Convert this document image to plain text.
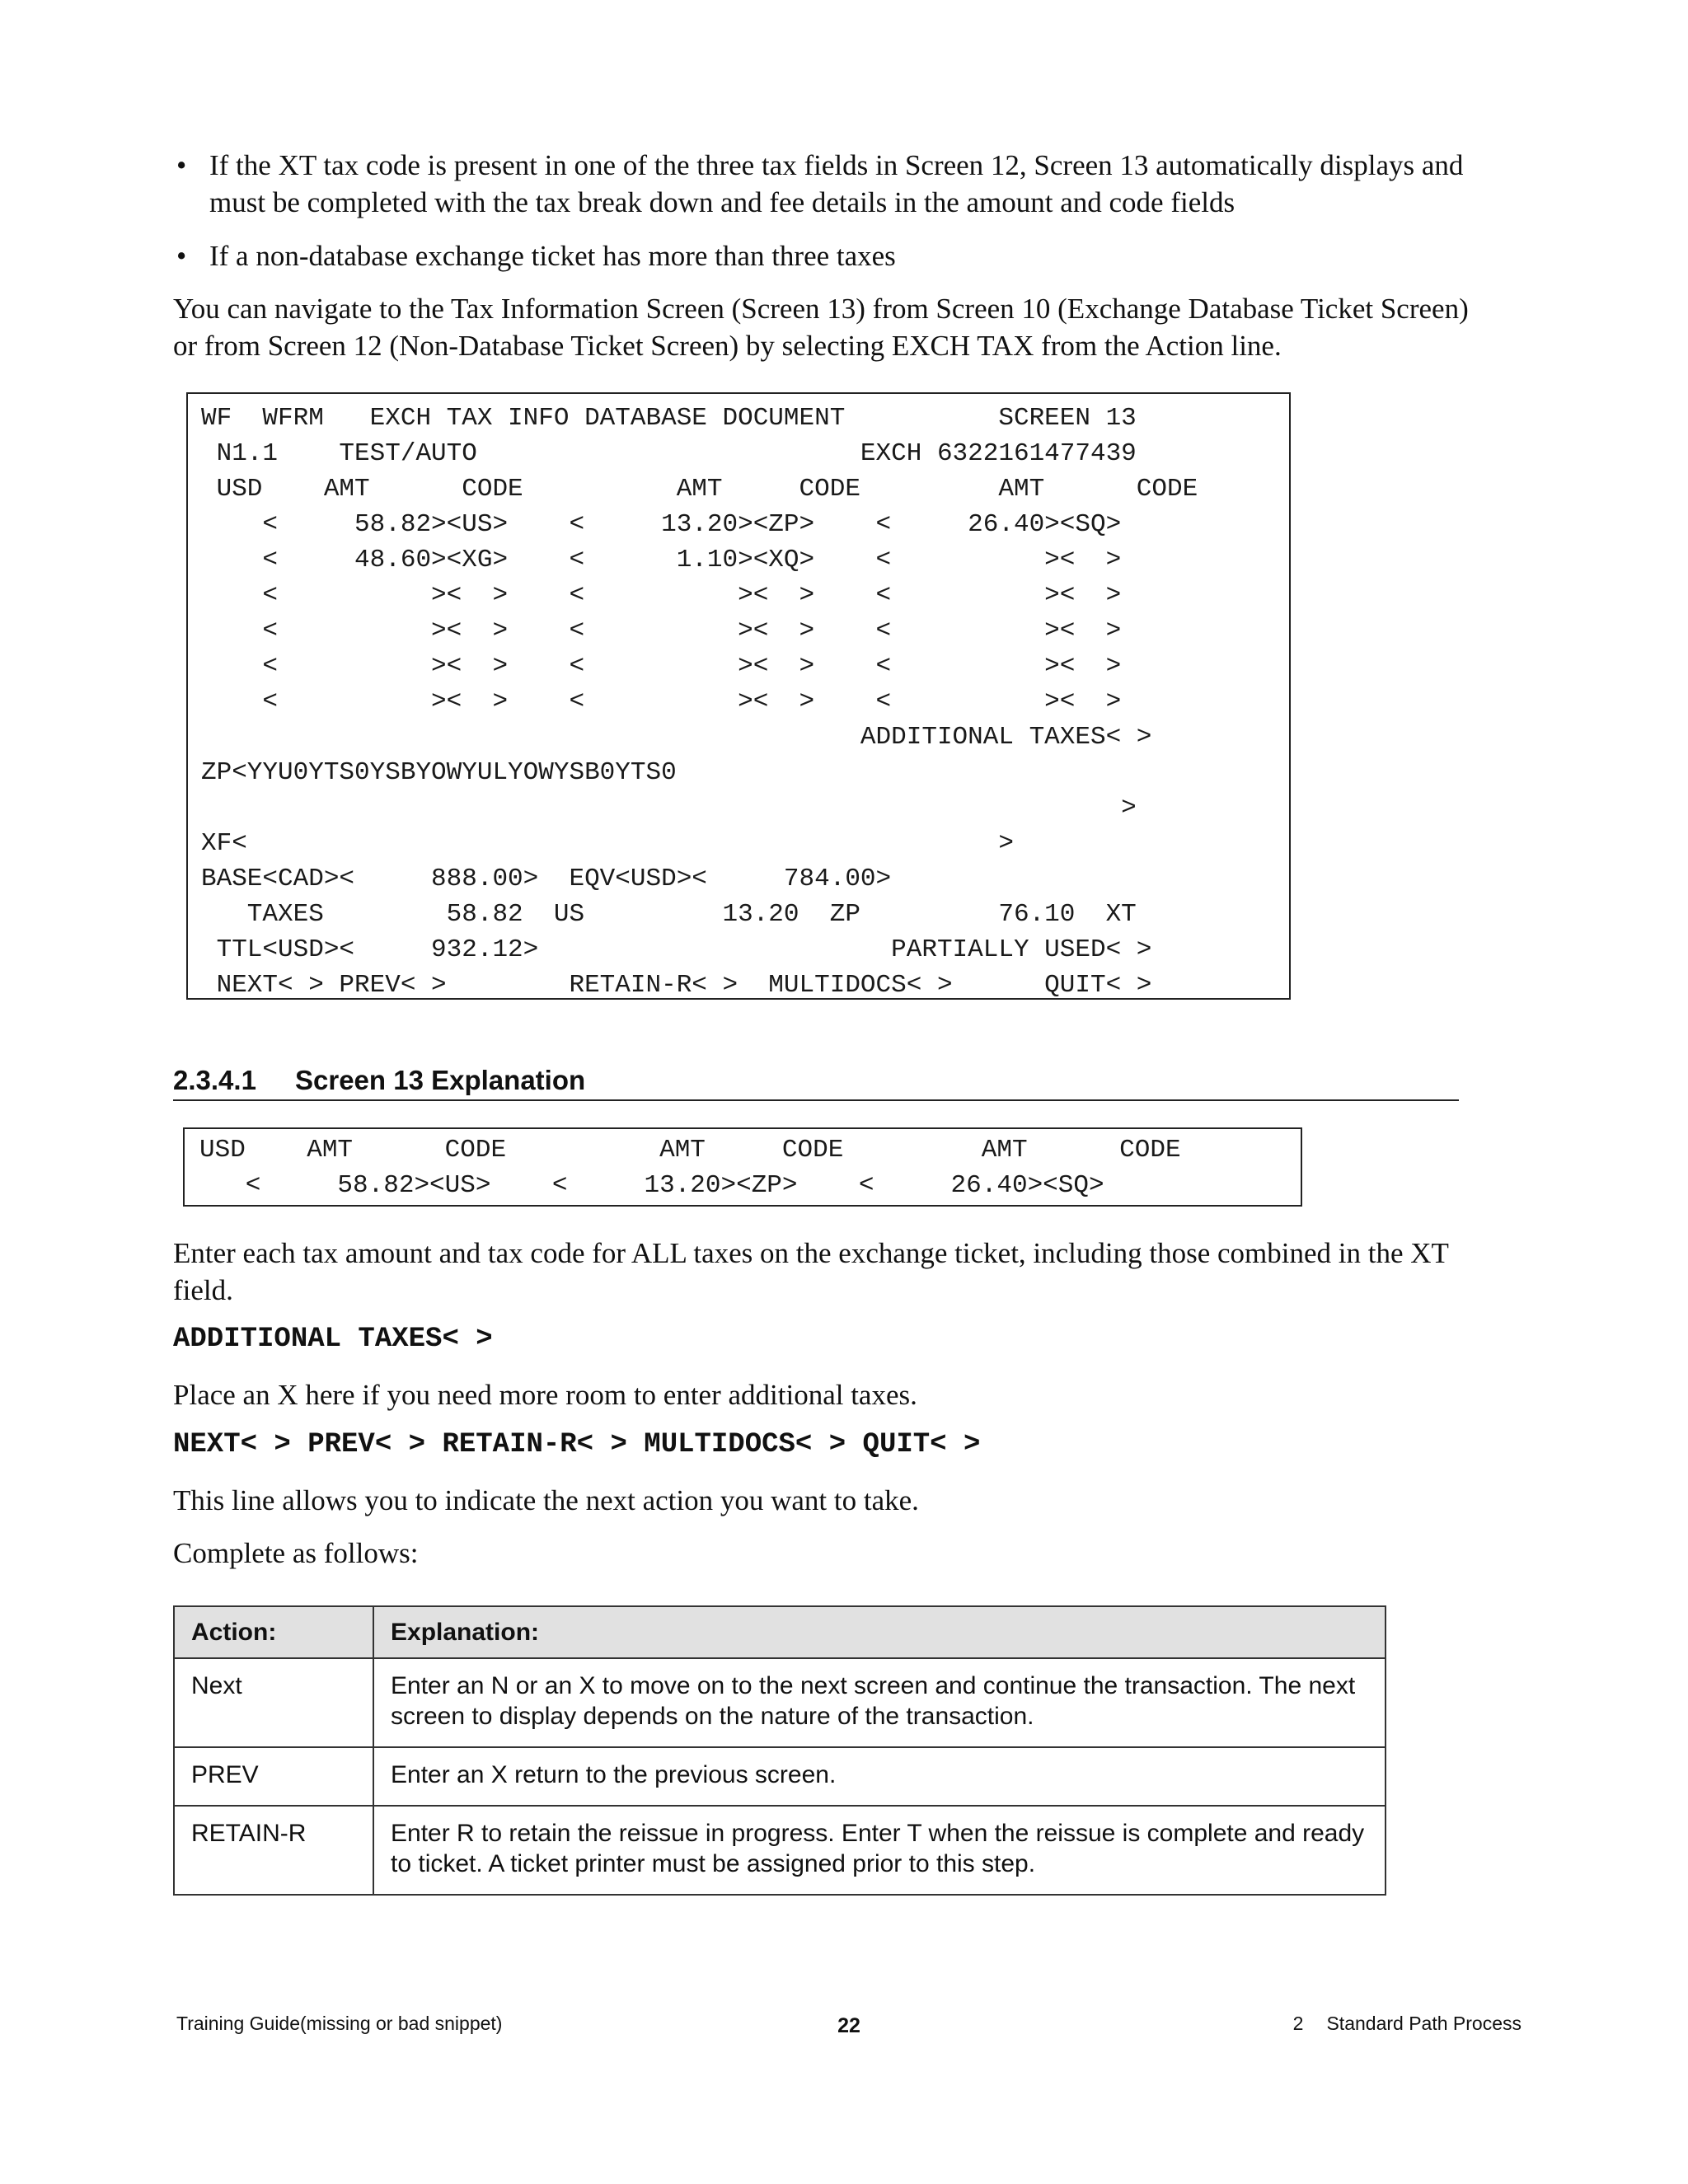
• If the XT tax code is present in one of the three tax fields in Screen 12, Screen 13 automatically displays and must be completed with the tax break down and fee details in the amount and code fields
• If a non-database exchange ticket has more than three taxes

You can navigate to the Tax Information Screen (Screen 13) from Screen 10 (Exchange Database Ticket Screen) or from Screen 12 (Non-Database Ticket Screen) by selecting EXCH TAX from the Action line.

WF  WFRM   EXCH TAX INFO DATABASE DOCUMENT          SCREEN 13
N1.1    TEST/AUTO                         EXCH 6322161477439
USD    AMT      CODE          AMT     CODE         AMT      CODE
<     58.82><US>    <     13.20><ZP>    <     26.40><SQ>
<     48.60><XG>    <      1.10><XQ>    <          ><  >
<          ><  >    <          ><  >    <          ><  >
<          ><  >    <          ><  >    <          ><  >
<          ><  >    <          ><  >    <          ><  >
<          ><  >    <          ><  >    <          ><  >
ADDITIONAL TAXES< >
ZP<YYU0YTS0YSBYOWYULYOWYSB0YTS0
>
XF<                                                 >
BASE<CAD><     888.00>  EQV<USD><     784.00>
TAXES        58.82  US         13.20  ZP         76.10  XT
TTL<USD><     932.12>                       PARTIALLY USED< >
NEXT< > PREV< >        RETAIN-R< >  MULTIDOCS< >      QUIT< >
2.3.4.1 Screen 13 Explanation
USD    AMT      CODE          AMT     CODE         AMT      CODE
<     58.82><US>    <     13.20><ZP>    <     26.40><SQ>

Enter each tax amount and tax code for ALL taxes on the exchange ticket, including those combined in the XT field.

ADDITIONAL TAXES< >

Place an X here if you need more room to enter additional taxes.

NEXT< > PREV< > RETAIN-R< > MULTIDOCS< > QUIT< >

This line allows you to indicate the next action you want to take.

Complete as follows:

Action:	Explanation:
Next	Enter an N or an X to move on to the next screen and continue the transaction. The next screen to display depends on the nature of the transaction.
PREV	Enter an X return to the previous screen.
RETAIN-R	Enter R to retain the reissue in progress. Enter T when the reissue is complete and ready to ticket. A ticket printer must be assigned prior to this step.
Training Guide(missing or bad snippet)	22	2 Standard Path Process
